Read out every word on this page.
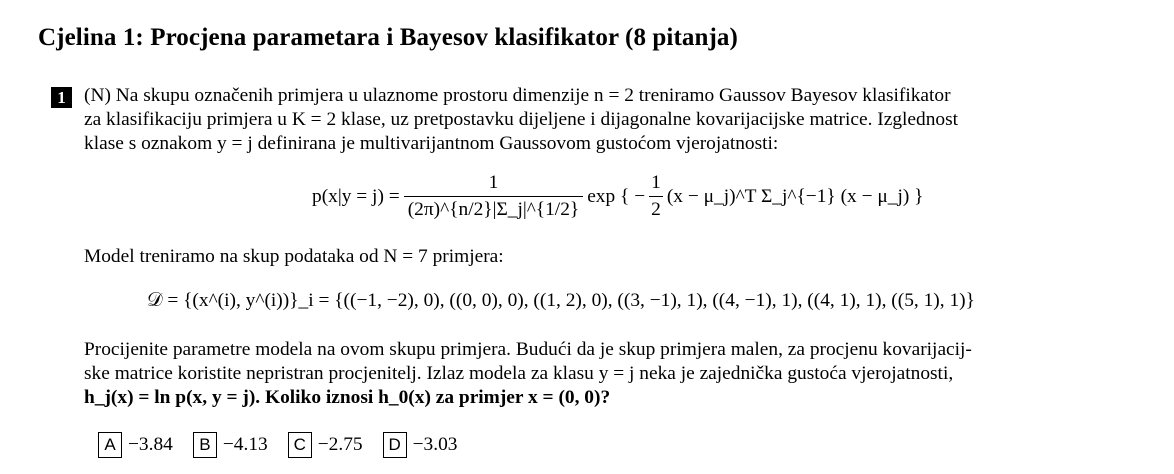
Cjelina 1: Procjena parametara i Bayesov klasifikator (8 pitanja)
1 (N) Na skupu označenih primjera u ulaznome prostoru dimenzije n = 2 treniramo Gaussov Bayesov klasifikator
za klasifikaciju primjera u K = 2 klase, uz pretpostavku dijeljene i dijagonalne kovarijacijske matrice. Izglednost
klase s oznakom y = j definirana je multivarijantnom Gaussovom gustoćom vjerojatnosti:
$p(x|y = j) = \frac{1}{(2\pi)\^{}\{n/2\}|\Sigma\_j|\^{}\{1/2\}}$ exp { − $\frac{1}{2} (x$ − μ_j)^T Σ_j^{−1} (x − μ_j) }
Model treniramo na skup podataka od N = 7 primjera:
𝒟 = {(x^(i), y^(i))}_i = {((−1, −2), 0), ((0, 0), 0), ((1, 2), 0), ((3, −1), 1), ((4, −1), 1), ((4, 1), 1), ((5, 1), 1)}
Procijenite parametre modela na ovom skupu primjera. Budući da je skup primjera malen, za procjenu kovarijacij-
ske matrice koristite nepristran procjenitelj. Izlaz modela za klasu y = j neka je zajednička gustoća vjerojatnosti,
h_j(x) = ln p(x, y = j). Koliko iznosi h_0(x) za primjer x = (0, 0)?
A −3.84	B −4.13	C −2.75	D −3.03
